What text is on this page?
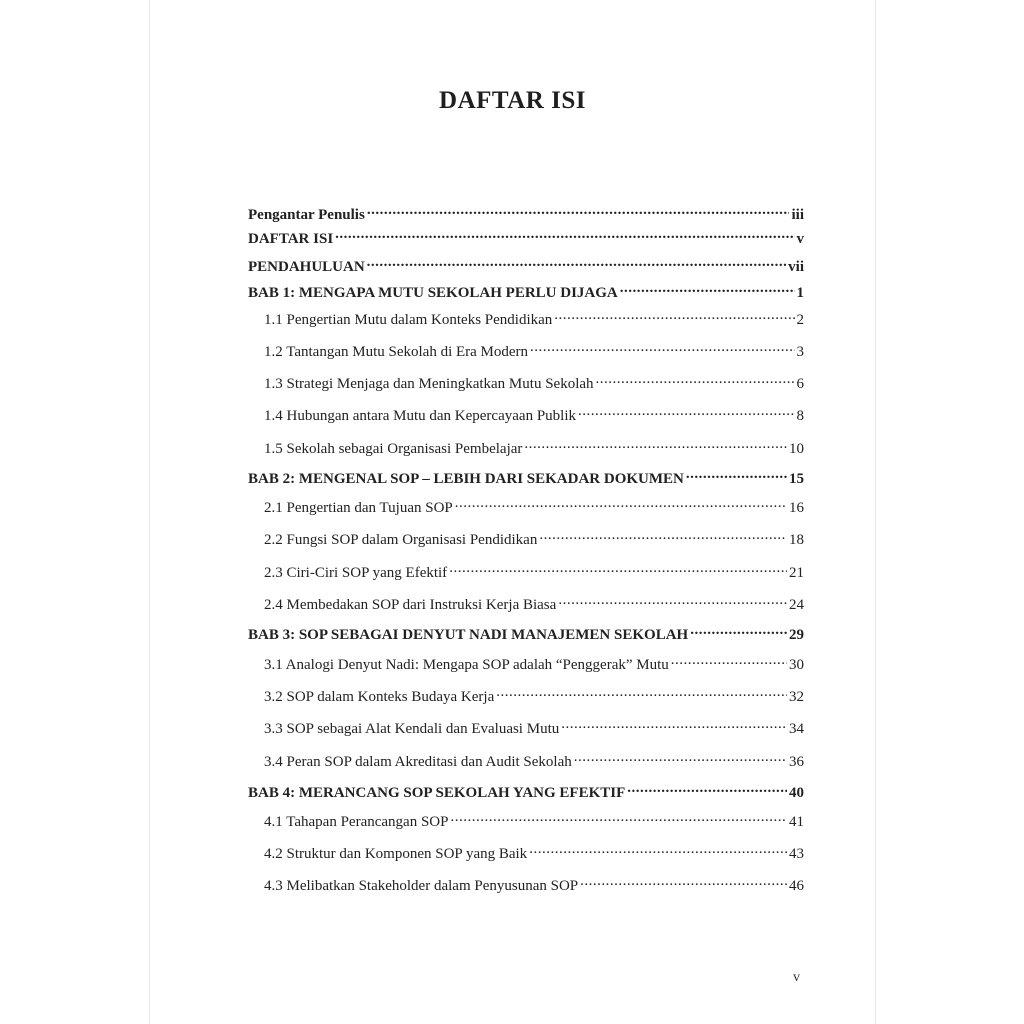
DAFTAR ISI
Pengantar Penulis .....	iii
DAFTAR ISI .....	v
PENDAHULUAN .....	vii
BAB 1: MENGAPA MUTU SEKOLAH PERLU DIJAGA .....	1
1.1 Pengertian Mutu dalam Konteks Pendidikan .....	2
1.2 Tantangan Mutu Sekolah di Era Modern .....	3
1.3 Strategi Menjaga dan Meningkatkan Mutu Sekolah .....	6
1.4 Hubungan antara Mutu dan Kepercayaan Publik .....	8
1.5 Sekolah sebagai Organisasi Pembelajar .....	10
BAB 2: MENGENAL SOP – LEBIH DARI SEKADAR DOKUMEN .....	15
2.1 Pengertian dan Tujuan SOP .....	16
2.2 Fungsi SOP dalam Organisasi Pendidikan .....	18
2.3 Ciri-Ciri SOP yang Efektif .....	21
2.4 Membedakan SOP dari Instruksi Kerja Biasa .....	24
BAB 3: SOP SEBAGAI DENYUT NADI MANAJEMEN SEKOLAH .....	29
3.1 Analogi Denyut Nadi: Mengapa SOP adalah “Penggerak” Mutu .....	30
3.2 SOP dalam Konteks Budaya Kerja .....	32
3.3 SOP sebagai Alat Kendali dan Evaluasi Mutu .....	34
3.4 Peran SOP dalam Akreditasi dan Audit Sekolah .....	36
BAB 4: MERANCANG SOP SEKOLAH YANG EFEKTIF .....	40
4.1 Tahapan Perancangan SOP .....	41
4.2 Struktur dan Komponen SOP yang Baik .....	43
4.3 Melibatkan Stakeholder dalam Penyusunan SOP .....	46
v
